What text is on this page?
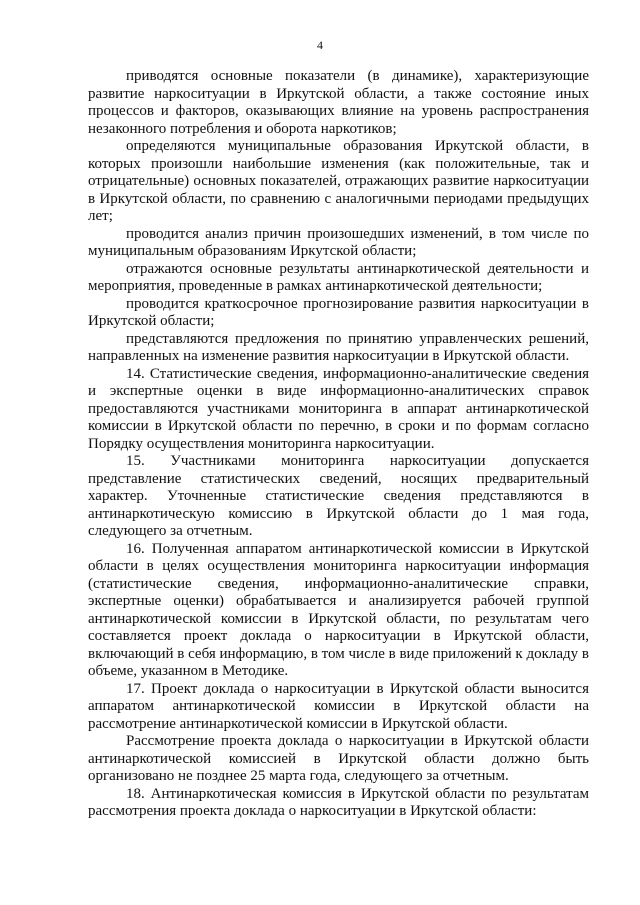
4

приводятся основные показатели (в динамике), характеризующие развитие наркоситуации в Иркутской области, а также состояние иных процессов и факторов, оказывающих влияние на уровень распространения незаконного потребления и оборота наркотиков;

определяются муниципальные образования Иркутской области, в которых произошли наибольшие изменения (как положительные, так и отрицательные) основных показателей, отражающих развитие наркоситуации в Иркутской области, по сравнению с аналогичными периодами предыдущих лет;

проводится анализ причин произошедших изменений, в том числе по муниципальным образованиям Иркутской области;

отражаются основные результаты антинаркотической деятельности и мероприятия, проведенные в рамках антинаркотической деятельности;

проводится краткосрочное прогнозирование развития наркоситуации в Иркутской области;

представляются предложения по принятию управленческих решений, направленных на изменение развития наркоситуации в Иркутской области.

14. Статистические сведения, информационно-аналитические сведения и экспертные оценки в виде информационно-аналитических справок предоставляются участниками мониторинга в аппарат антинаркотической комиссии в Иркутской области по перечню, в сроки и по формам согласно Порядку осуществления мониторинга наркоситуации.

15. Участниками мониторинга наркоситуации допускается представление статистических сведений, носящих предварительный характер. Уточненные статистические сведения представляются в антинаркотическую комиссию в Иркутской области до 1 мая года, следующего за отчетным.

16. Полученная аппаратом антинаркотической комиссии в Иркутской области в целях осуществления мониторинга наркоситуации информация (статистические сведения, информационно-аналитические справки, экспертные оценки) обрабатывается и анализируется рабочей группой антинаркотической комиссии в Иркутской области, по результатам чего составляется проект доклада о наркоситуации в Иркутской области, включающий в себя информацию, в том числе в виде приложений к докладу в объеме, указанном в Методике.

17. Проект доклада о наркоситуации в Иркутской области выносится аппаратом антинаркотической комиссии в Иркутской области на рассмотрение антинаркотической комиссии в Иркутской области.

Рассмотрение проекта доклада о наркоситуации в Иркутской области антинаркотической комиссией в Иркутской области должно быть организовано не позднее 25 марта года, следующего за отчетным.

18. Антинаркотическая комиссия в Иркутской области по результатам рассмотрения проекта доклада о наркоситуации в Иркутской области:
